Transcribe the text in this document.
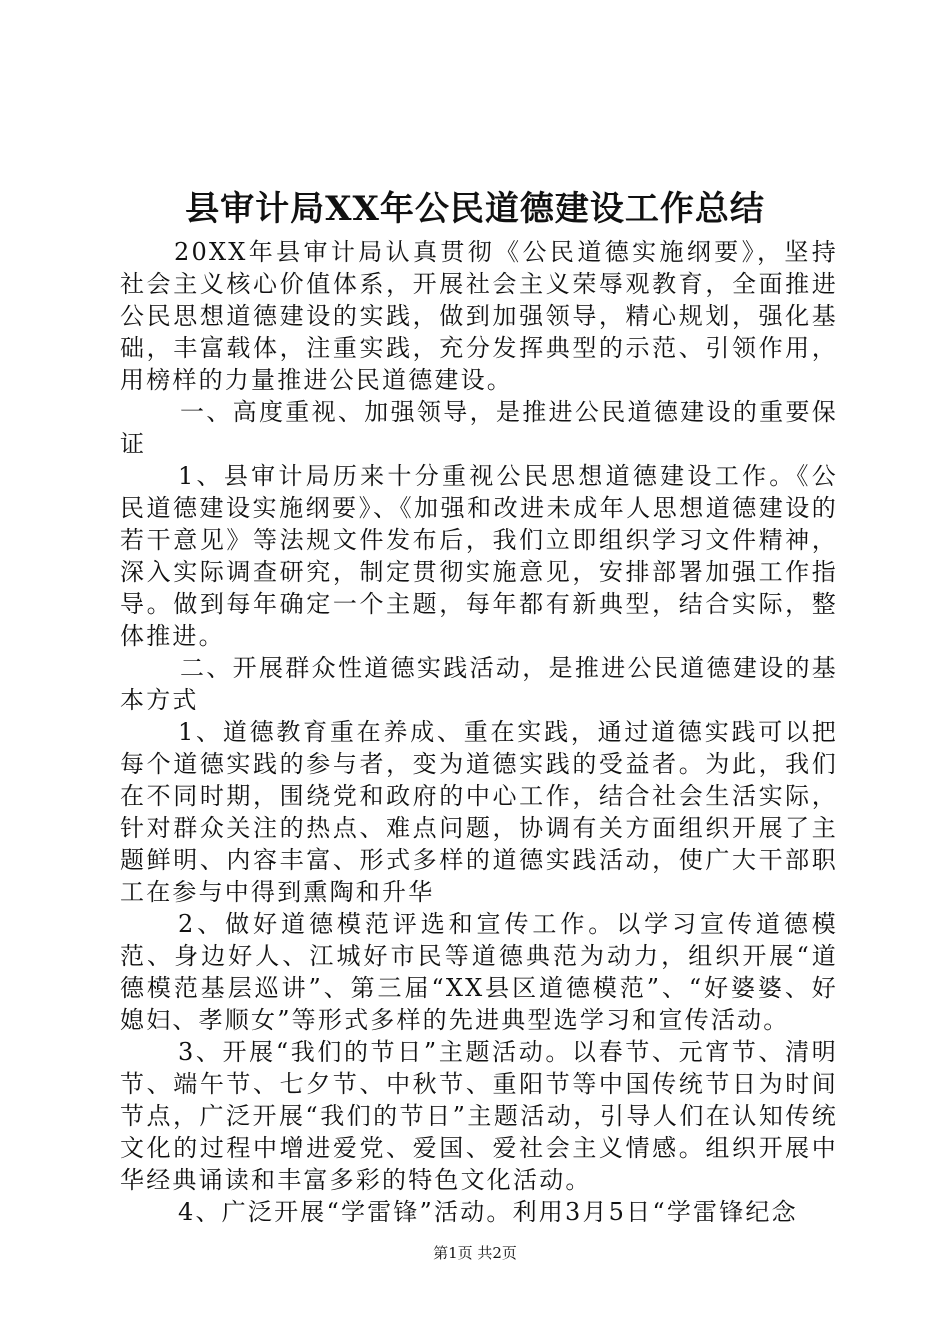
县审计局XX年公民道德建设工作总结

20XX年县审计局认真贯彻《公民道德实施纲要》，坚持社会主义核心价值体系，开展社会主义荣辱观教育，全面推进公民思想道德建设的实践，做到加强领导，精心规划，强化基础，丰富载体，注重实践，充分发挥典型的示范、引领作用，用榜样的力量推进公民道德建设。

一、高度重视、加强领导，是推进公民道德建设的重要保证

1、县审计局历来十分重视公民思想道德建设工作。《公民道德建设实施纲要》、《加强和改进未成年人思想道德建设的若干意见》等法规文件发布后，我们立即组织学习文件精神，深入实际调查研究，制定贯彻实施意见，安排部署加强工作指导。做到每年确定一个主题，每年都有新典型，结合实际，整体推进。

二、开展群众性道德实践活动，是推进公民道德建设的基本方式

1、道德教育重在养成、重在实践，通过道德实践可以把每个道德实践的参与者，变为道德实践的受益者。为此，我们在不同时期，围绕党和政府的中心工作，结合社会生活实际，针对群众关注的热点、难点问题，协调有关方面组织开展了主题鲜明、内容丰富、形式多样的道德实践活动，使广大干部职工在参与中得到熏陶和升华

2、做好道德模范评选和宣传工作。以学习宣传道德模范、身边好人、江城好市民等道德典范为动力，组织开展“道德模范基层巡讲”、第三届“XX县区道德模范”、“好婆婆、好媳妇、孝顺女”等形式多样的先进典型选学习和宣传活动。

3、开展“我们的节日”主题活动。以春节、元宵节、清明节、端午节、七夕节、中秋节、重阳节等中国传统节日为时间节点，广泛开展“我们的节日”主题活动，引导人们在认知传统文化的过程中增进爱党、爱国、爱社会主义情感。组织开展中华经典诵读和丰富多彩的特色文化活动。

4、广泛开展“学雷锋”活动。利用3月5日“学雷锋纪念

第1页 共2页
